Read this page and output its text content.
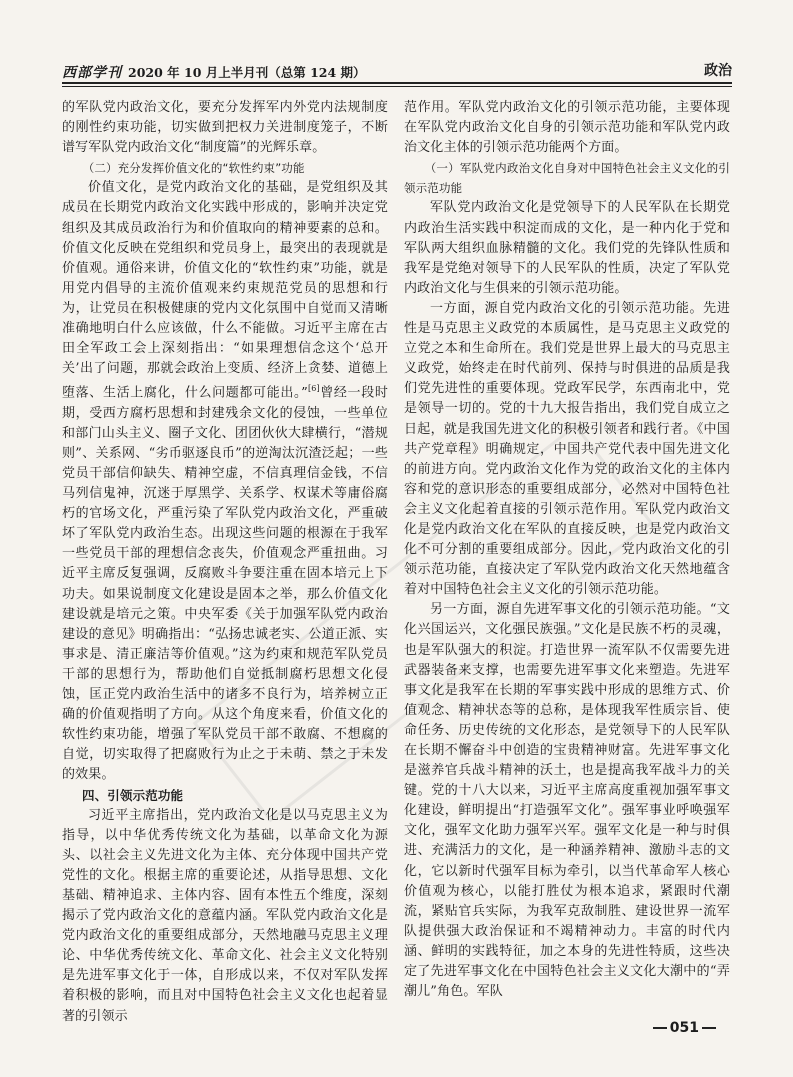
西部学刊 2020 年 10 月上半月刊（总第 124 期）	政治

的军队党内政治文化，要充分发挥军内外党内法规制度的刚性约束功能，切实做到把权力关进制度笼子，不断谱写军队党内政治文化“制度篇”的光辉乐章。

（二）充分发挥价值文化的“软性约束”功能

价值文化，是党内政治文化的基础，是党组织及其成员在长期党内政治文化实践中形成的，影响并决定党组织及其成员政治行为和价值取向的精神要素的总和。价值文化反映在党组织和党员身上，最突出的表现就是价值观。通俗来讲，价值文化的“软性约束”功能，就是用党内倡导的主流价值观来约束规范党员的思想和行为，让党员在积极健康的党内文化氛围中自觉而又清晰准确地明白什么应该做，什么不能做。习近平主席在古田全军政工会上深刻指出：“如果理想信念这个‘总开关’出了问题，那就会政治上变质、经济上贪婪、道德上堕落、生活上腐化，什么问题都可能出。”[6]曾经一段时期，受西方腐朽思想和封建残余文化的侵蚀，一些单位和部门山头主义、圈子文化、团团伙伙大肆横行，“潜规则”、关系网、“劣币驱逐良币”的逆淘汰沉渣泛起；一些党员干部信仰缺失、精神空虚，不信真理信金钱，不信马列信鬼神，沉迷于厚黑学、关系学、权谋术等庸俗腐朽的官场文化，严重污染了军队党内政治文化，严重破坏了军队党内政治生态。出现这些问题的根源在于我军一些党员干部的理想信念丧失，价值观念严重扭曲。习近平主席反复强调，反腐败斗争要注重在固本培元上下功夫。如果说制度文化建设是固本之举，那么价值文化建设就是培元之策。中央军委《关于加强军队党内政治建设的意见》明确指出：“弘扬忠诚老实、公道正派、实事求是、清正廉洁等价值观。”这为约束和规范军队党员干部的思想行为，帮助他们自觉抵制腐朽思想文化侵蚀，匡正党内政治生活中的诸多不良行为，培养树立正确的价值观指明了方向。从这个角度来看，价值文化的软性约束功能，增强了军队党员干部不敢腐、不想腐的自觉，切实取得了把腐败行为止之于未萌、禁之于未发的效果。

四、引领示范功能

习近平主席指出，党内政治文化是以马克思主义为指导，以中华优秀传统文化为基础，以革命文化为源头、以社会主义先进文化为主体、充分体现中国共产党党性的文化。根据主席的重要论述，从指导思想、文化基础、精神追求、主体内容、固有本性五个维度，深刻揭示了党内政治文化的意蕴内涵。军队党内政治文化是党内政治文化的重要组成部分，天然地融马克思主义理论、中华优秀传统文化、革命文化、社会主义文化特别是先进军事文化于一体，自形成以来，不仅对军队发挥着积极的影响，而且对中国特色社会主义文化也起着显著的引领示

范作用。军队党内政治文化的引领示范功能，主要体现在军队党内政治文化自身的引领示范功能和军队党内政治文化主体的引领示范功能两个方面。

（一）军队党内政治文化自身对中国特色社会主义文化的引领示范功能

军队党内政治文化是党领导下的人民军队在长期党内政治生活实践中积淀而成的文化，是一种内化于党和军队两大组织血脉精髓的文化。我们党的先锋队性质和我军是党绝对领导下的人民军队的性质，决定了军队党内政治文化与生俱来的引领示范功能。

一方面，源自党内政治文化的引领示范功能。先进性是马克思主义政党的本质属性，是马克思主义政党的立党之本和生命所在。我们党是世界上最大的马克思主义政党，始终走在时代前列、保持与时俱进的品质是我们党先进性的重要体现。党政军民学，东西南北中，党是领导一切的。党的十九大报告指出，我们党自成立之日起，就是我国先进文化的积极引领者和践行者。《中国共产党章程》明确规定，中国共产党代表中国先进文化的前进方向。党内政治文化作为党的政治文化的主体内容和党的意识形态的重要组成部分，必然对中国特色社会主义文化起着直接的引领示范作用。军队党内政治文化是党内政治文化在军队的直接反映，也是党内政治文化不可分割的重要组成部分。因此，党内政治文化的引领示范功能，直接决定了军队党内政治文化天然地蕴含着对中国特色社会主义文化的引领示范功能。

另一方面，源自先进军事文化的引领示范功能。“文化兴国运兴，文化强民族强。”文化是民族不朽的灵魂，也是军队强大的积淀。打造世界一流军队不仅需要先进武器装备来支撑，也需要先进军事文化来塑造。先进军事文化是我军在长期的军事实践中形成的思维方式、价值观念、精神状态等的总称，是体现我军性质宗旨、使命任务、历史传统的文化形态，是党领导下的人民军队在长期不懈奋斗中创造的宝贵精神财富。先进军事文化是滋养官兵战斗精神的沃土，也是提高我军战斗力的关键。党的十八大以来，习近平主席高度重视加强军事文化建设，鲜明提出“打造强军文化”。强军事业呼唤强军文化，强军文化助力强军兴军。强军文化是一种与时俱进、充满活力的文化，是一种涵养精神、激励斗志的文化，它以新时代强军目标为牵引，以当代革命军人核心价值观为核心，以能打胜仗为根本追求，紧跟时代潮流，紧贴官兵实际，为我军克敌制胜、建设世界一流军队提供强大政治保证和不竭精神动力。丰富的时代内涵、鲜明的实践特征，加之本身的先进性特质，这些决定了先进军事文化在中国特色社会主义文化大潮中的“弄潮儿”角色。军队

051
